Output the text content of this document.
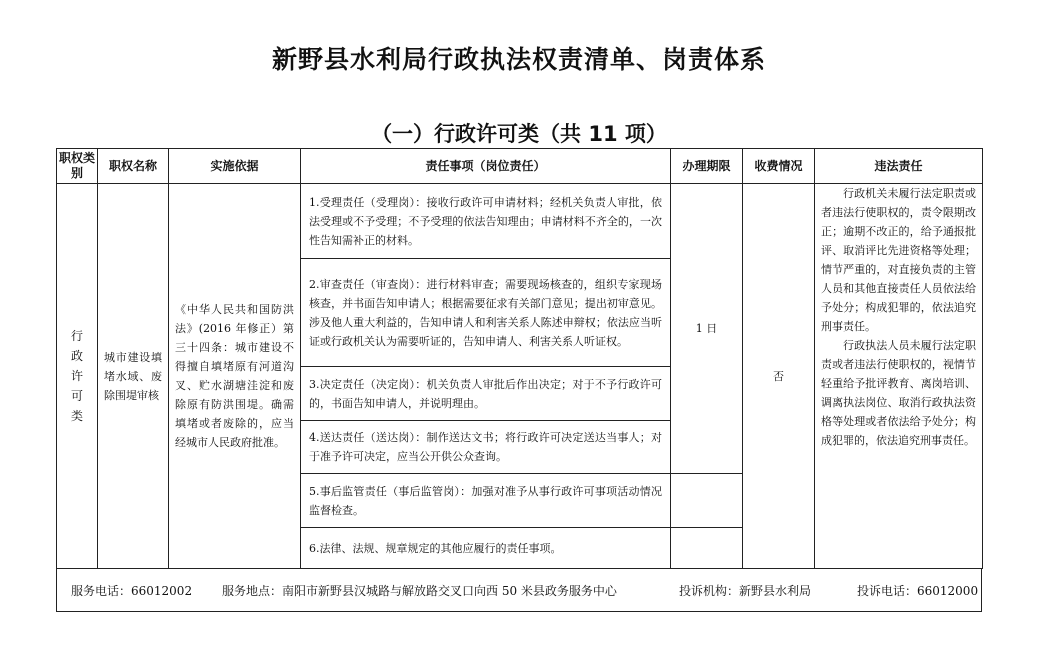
新野县水利局行政执法权责清单、岗责体系
（一）行政许可类（共 11 项）
职权类别	职权名称	实施依据	责任事项（岗位责任）	办理期限	收费情况	违法责任
行政许可类	城市建设填堵水域、废除围堤审核	《中华人民共和国防洪法》(2016 年修正）第三十四条：城市建设不得擅自填堵原有河道沟叉、贮水湖塘洼淀和废除原有防洪围堤。确需填堵或者废除的，应当经城市人民政府批准。	1.受理责任（受理岗）：接收行政许可申请材料；经机关负责人审批，依法受理或不予受理；不予受理的依法告知理由；申请材料不齐全的，一次性告知需补正的材料。	1 日	否	行政机关未履行法定职责或者违法行使职权的，责令限期改正；逾期不改正的，给予通报批评、取消评比先进资格等处理；情节严重的，对直接负责的主管人员和其他直接责任人员依法给予处分；构成犯罪的，依法追究刑事责任。

行政执法人员未履行法定职责或者违法行使职权的，视情节轻重给予批评教育、离岗培训、调离执法岗位、取消行政执法资格等处理或者依法给予处分；构成犯罪的，依法追究刑事责任。

			2.审查责任（审查岗）：进行材料审查；需要现场核查的，组织专家现场核查，并书面告知申请人；根据需要征求有关部门意见；提出初审意见。涉及他人重大利益的，告知申请人和利害关系人陈述申辩权；依法应当听证或行政机关认为需要听证的，告知申请人、利害关系人听证权。			
			3.决定责任（决定岗）：机关负责人审批后作出决定；对于不予行政许可的，书面告知申请人，并说明理由。			
			4.送达责任（送达岗）：制作送达文书；将行政许可决定送达当事人；对于准予许可决定，应当公开供公众查询。			
			5.事后监管责任（事后监管岗）：加强对准予从事行政许可事项活动情况监督检查。			
			6.法律、法规、规章规定的其他应履行的责任事项。			
服务电话：66012002 服务地点：南阳市新野县汉城路与解放路交叉口向西 50 米县政务服务中心	投诉机构：新野县水利局	投诉电话：66012000
